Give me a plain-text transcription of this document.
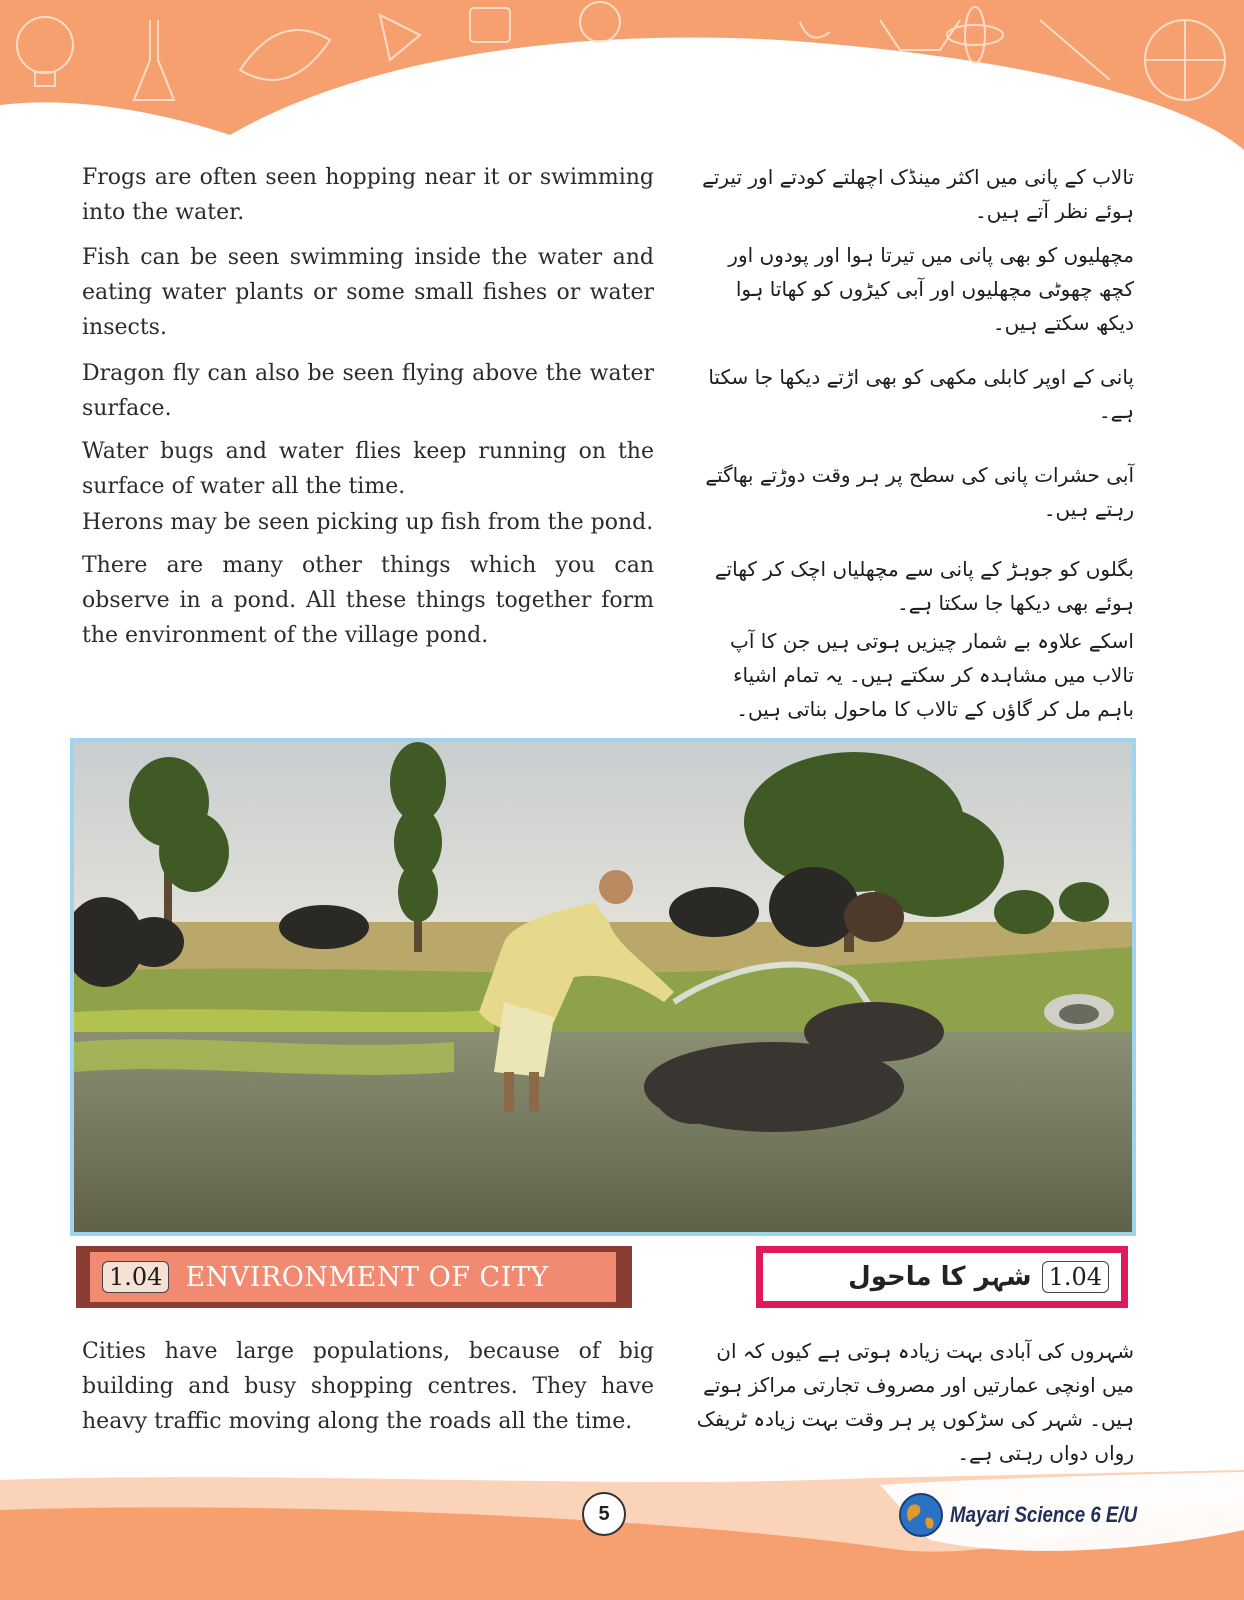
Frogs are often seen hopping near it or swimming into the water.

Fish can be seen swimming inside the water and eating water plants or some small fishes or water insects.

Dragon fly can also be seen flying above the water surface.

Water bugs and water flies keep running on the surface of water all the time.

Herons may be seen picking up fish from the pond.

There are many other things which you can observe in a pond. All these things together form the environment of the village pond.

تالاب کے پانی میں اکثر مینڈک اچھلتے کودتے اور تیرتے ہوئے نظر آتے ہیں۔

مچھلیوں کو بھی پانی میں تیرتا ہوا اور پودوں اور کچھ چھوٹی مچھلیوں اور آبی کیڑوں کو کھاتا ہوا دیکھ سکتے ہیں۔

پانی کے اوپر کابلی مکھی کو بھی اڑتے دیکھا جا سکتا ہے۔

آبی حشرات پانی کی سطح پر ہر وقت دوڑتے بھاگتے رہتے ہیں۔

بگلوں کو جوہڑ کے پانی سے مچھلیاں اچک کر کھاتے ہوئے بھی دیکھا جا سکتا ہے۔

اسکے علاوہ بے شمار چیزیں ہوتی ہیں جن کا آپ تالاب میں مشاہدہ کر سکتے ہیں۔ یہ تمام اشیاء باہم مل کر گاؤں کے تالاب کا ماحول بناتی ہیں۔

1.04 ENVIRONMENT OF CITY	شہر کا ماحول 1.04

Cities have large populations, because of big building and busy shopping centres. They have heavy traffic moving along the roads all the time.

شہروں کی آبادی بہت زیادہ ہوتی ہے کیوں کہ ان میں اونچی عمارتیں اور مصروف تجارتی مراکز ہوتے ہیں۔ شہر کی سڑکوں پر ہر وقت بہت زیادہ ٹریفک رواں دواں رہتی ہے۔

5	Mayari Science 6 E/U
